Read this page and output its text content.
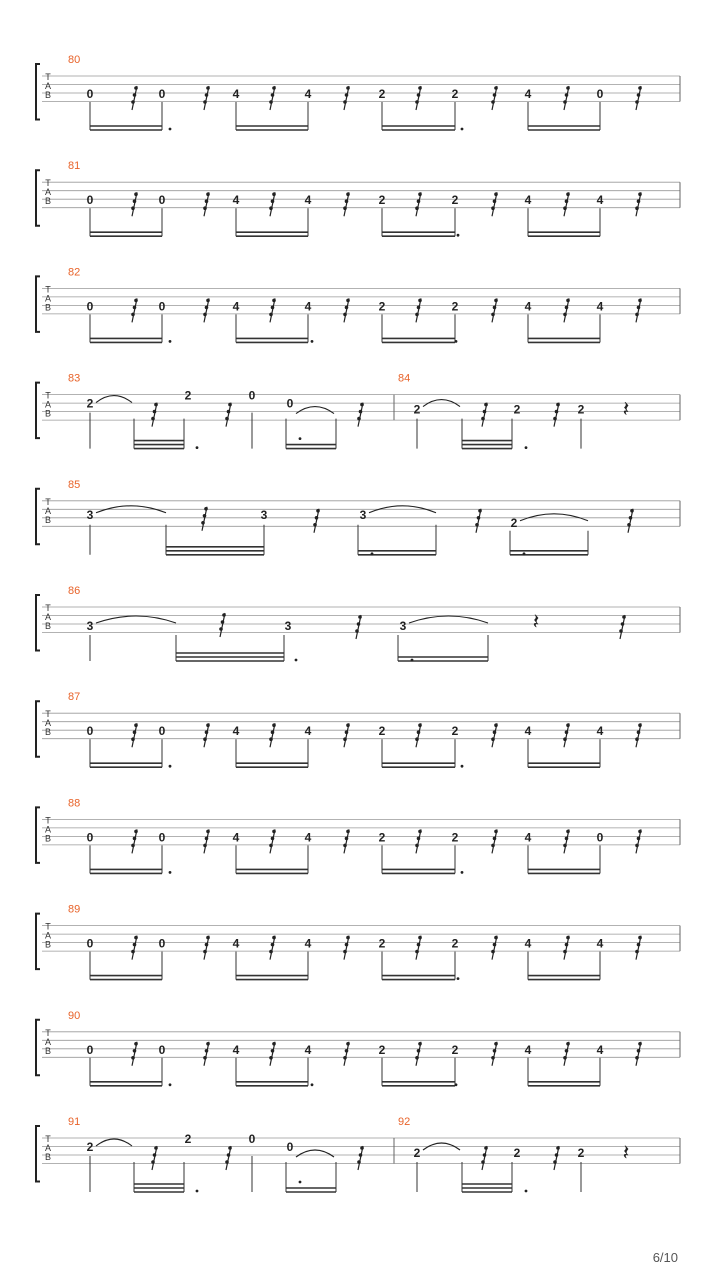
T
A
B
80
0	0	4	4	2	2	4	0
T
A
B
81
0	0	4	4	2	2	4	4
T
A
B
82
0	0	4	4	2	2	4	4
T
A
B
83
2
2	0
0
84
2	2	2 𝄽
T
A
B
85
3	3	3
2
T
A
B
86
3	3	3	𝄽
T
A
B
87
0	0	4	4	2	2	4	4
T
A
B
88
0	0	4	4	2	2	4	0
T
A
B
89
0	0	4	4	2	2	4	4
T
A
B
90
0	0	4	4	2	2	4	4
T
A
B
91
2
2	0
0
92
2	2	2 𝄽
6/10
